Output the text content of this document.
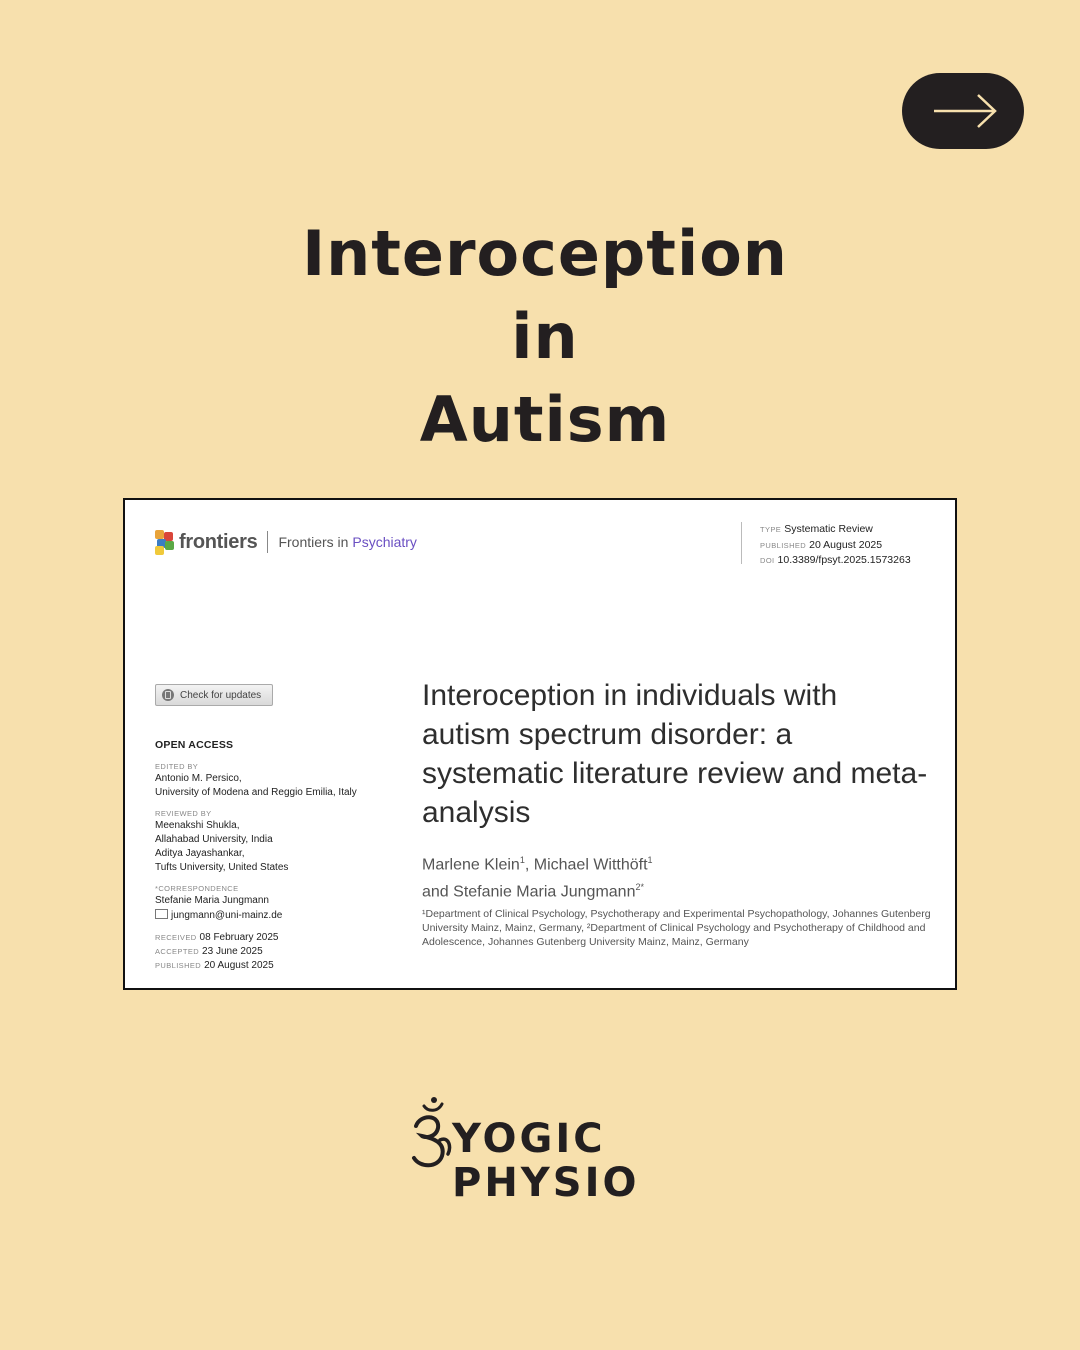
Interoception
in
Autism
frontiers Frontiers in Psychiatry
TYPE Systematic Review
PUBLISHED 20 August 2025
DOI 10.3389/fpsyt.2025.1573263
Check for updates
OPEN ACCESS
EDITED BY
Antonio M. Persico,
University of Modena and Reggio Emilia, Italy
REVIEWED BY
Meenakshi Shukla,
Allahabad University, India
Aditya Jayashankar,
Tufts University, United States
*CORRESPONDENCE
Stefanie Maria Jungmann
jungmann@uni-mainz.de
RECEIVED 08 February 2025
ACCEPTED 23 June 2025
PUBLISHED 20 August 2025
Interoception in individuals with autism spectrum disorder: a systematic literature review and meta-analysis
Marlene Klein$^1$, Michael Witthöft$^1$
and Stefanie Maria Jungmann$^{2*}$
¹Department of Clinical Psychology, Psychotherapy and Experimental Psychopathology, Johannes Gutenberg University Mainz, Mainz, Germany, ²Department of Clinical Psychology and Psychotherapy of Childhood and Adolescence, Johannes Gutenberg University Mainz, Mainz, Germany
YOGIC
PHYSIO
